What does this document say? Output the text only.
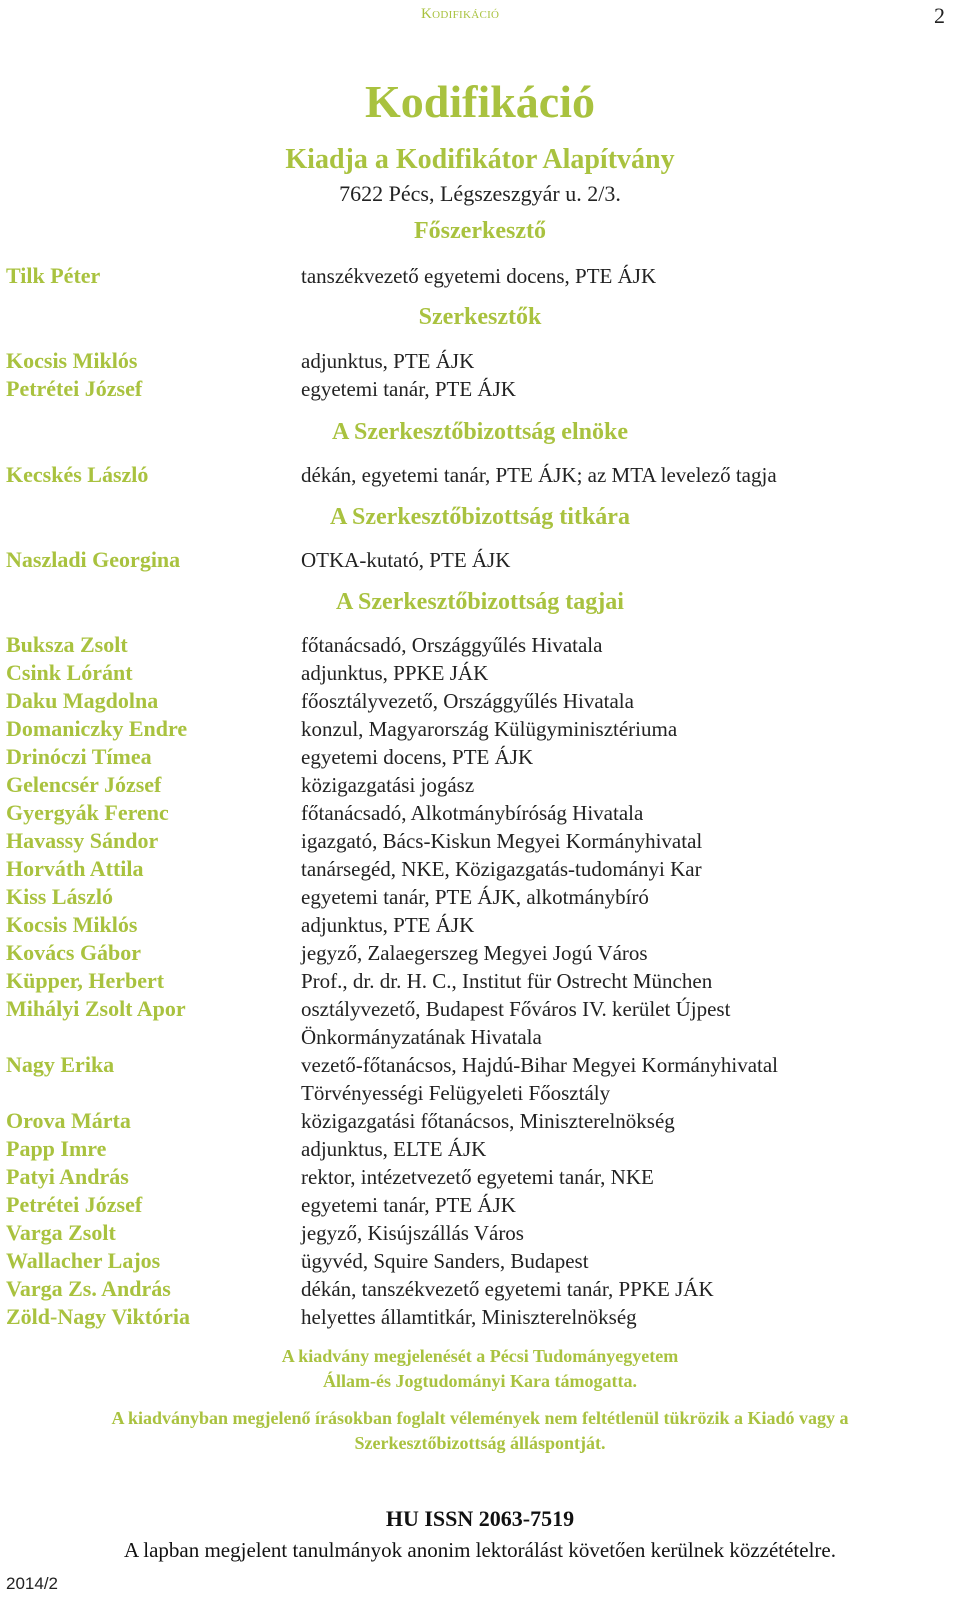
KODIFIKÁCIÓ	2
Kodifikáció
Kiadja a Kodifikátor Alapítvány
7622 Pécs, Légszeszgyár u. 2/3.
Főszerkesztő
Tilk Péter	tanszékvezető egyetemi docens, PTE ÁJK
Szerkesztők
Kocsis Miklós	adjunktus, PTE ÁJK
Petrétei József	egyetemi tanár, PTE ÁJK
A Szerkesztőbizottság elnöke
Kecskés László	dékán, egyetemi tanár, PTE ÁJK; az MTA levelező tagja
A Szerkesztőbizottság titkára
Naszladi Georgina	OTKA-kutató, PTE ÁJK
A Szerkesztőbizottság tagjai
Buksza Zsolt	főtanácsadó, Országgyűlés Hivatala
Csink Lóránt	adjunktus, PPKE JÁK
Daku Magdolna	főosztályvezető, Országgyűlés Hivatala
Domaniczky Endre	konzul, Magyarország Külügyminisztériuma
Drinóczi Tímea	egyetemi docens, PTE ÁJK
Gelencsér József	közigazgatási jogász
Gyergyák Ferenc	főtanácsadó, Alkotmánybíróság Hivatala
Havassy Sándor	igazgató, Bács-Kiskun Megyei Kormányhivatal
Horváth Attila	tanársegéd, NKE, Közigazgatás-tudományi Kar
Kiss László	egyetemi tanár, PTE ÁJK, alkotmánybíró
Kocsis Miklós	adjunktus, PTE ÁJK
Kovács Gábor	jegyző, Zalaegerszeg Megyei Jogú Város
Küpper, Herbert	Prof., dr. dr. H. C., Institut für Ostrecht München
Mihályi Zsolt Apor	osztályvezető, Budapest Főváros IV. kerület Újpest
Önkormányzatának Hivatala
Nagy Erika	vezető-főtanácsos, Hajdú-Bihar Megyei Kormányhivatal
Törvényességi Felügyeleti Főosztály
Orova Márta	közigazgatási főtanácsos, Miniszterelnökség
Papp Imre	adjunktus, ELTE ÁJK
Patyi András	rektor, intézetvezető egyetemi tanár, NKE
Petrétei József	egyetemi tanár, PTE ÁJK
Varga Zsolt	jegyző, Kisújszállás Város
Wallacher Lajos	ügyvéd, Squire Sanders, Budapest
Varga Zs. András	dékán, tanszékvezető egyetemi tanár, PPKE JÁK
Zöld-Nagy Viktória	helyettes államtitkár, Miniszterelnökség
A kiadvány megjelenését a Pécsi Tudományegyetem
Állam-és Jogtudományi Kara támogatta.
A kiadványban megjelenő írásokban foglalt vélemények nem feltétlenül tükrözik a Kiadó vagy a
Szerkesztőbizottság álláspontját.
HU ISSN 2063-7519
A lapban megjelent tanulmányok anonim lektorálást követően kerülnek közzétételre.
2014/2
